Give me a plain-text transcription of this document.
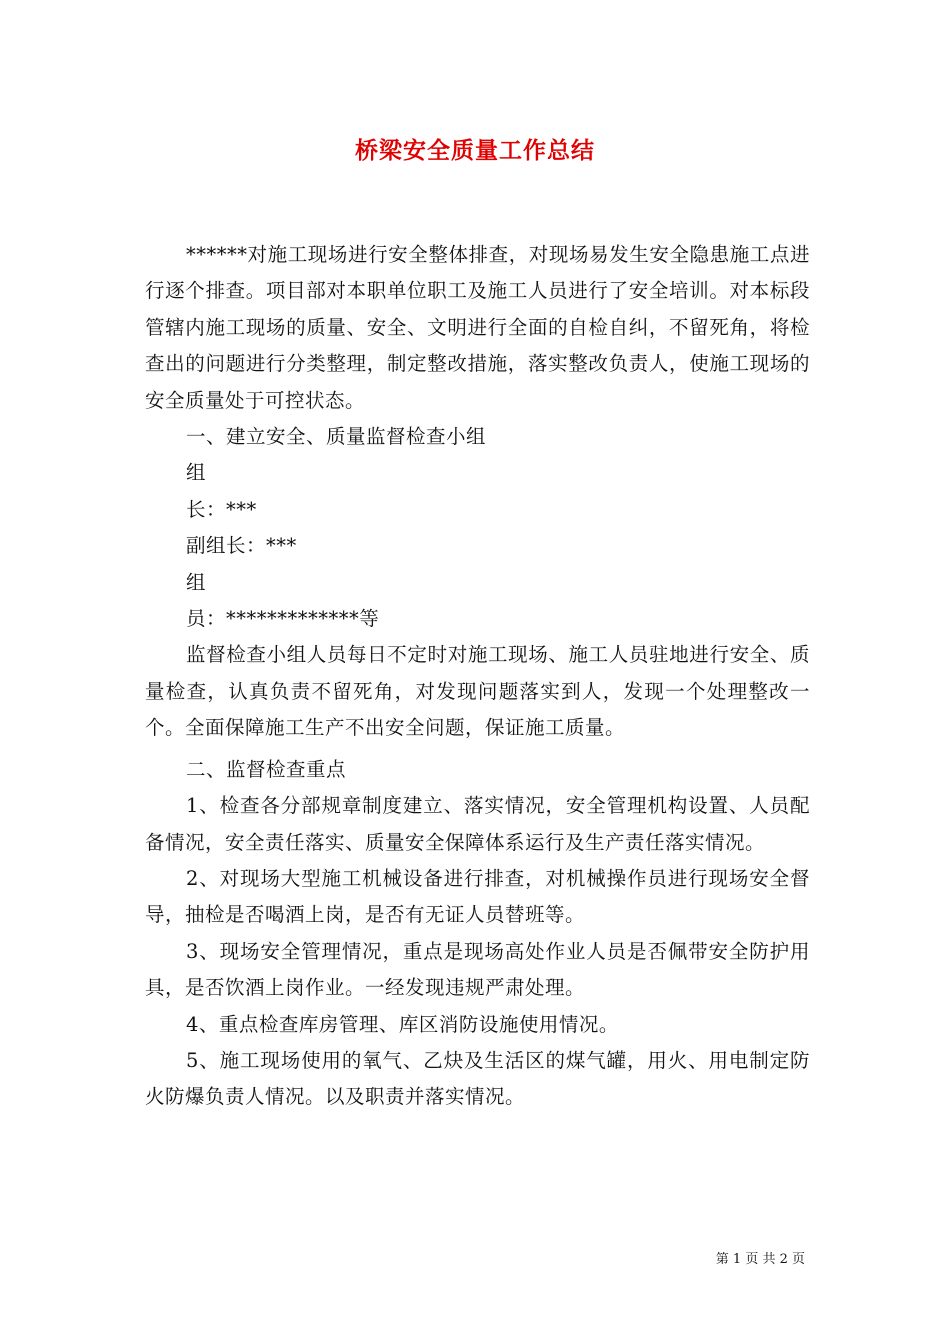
桥梁安全质量工作总结

******对施工现场进行安全整体排查，对现场易发生安全隐患施工点进行逐个排查。项目部对本职单位职工及施工人员进行了安全培训。对本标段管辖内施工现场的质量、安全、文明进行全面的自检自纠，不留死角，将检查出的问题进行分类整理，制定整改措施，落实整改负责人，使施工现场的安全质量处于可控状态。

一、建立安全、质量监督检查小组

组

长：***

副组长：***

组

员：*************等

监督检查小组人员每日不定时对施工现场、施工人员驻地进行安全、质量检查，认真负责不留死角，对发现问题落实到人，发现一个处理整改一个。全面保障施工生产不出安全问题，保证施工质量。

二、监督检查重点

1、检查各分部规章制度建立、落实情况，安全管理机构设置、人员配备情况，安全责任落实、质量安全保障体系运行及生产责任落实情况。

2、对现场大型施工机械设备进行排查，对机械操作员进行现场安全督导，抽检是否喝酒上岗，是否有无证人员替班等。

3、现场安全管理情况，重点是现场高处作业人员是否佩带安全防护用具，是否饮酒上岗作业。一经发现违规严肃处理。

4、重点检查库房管理、库区消防设施使用情况。

5、施工现场使用的氧气、乙炔及生活区的煤气罐，用火、用电制定防火防爆负责人情况。以及职责并落实情况。

第 1 页 共 2 页
